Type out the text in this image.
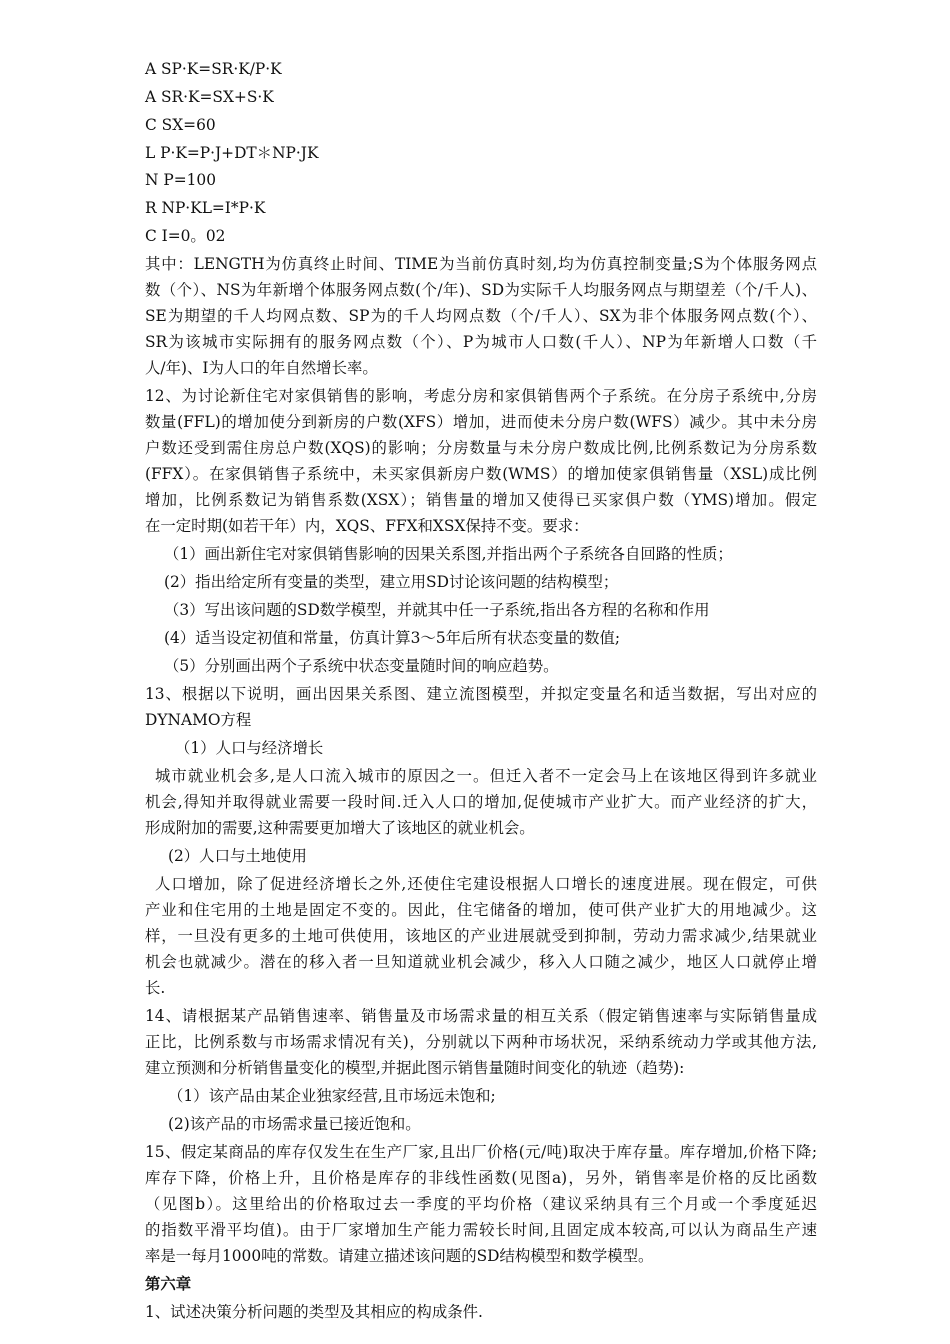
A SP·K=SR·K/P·K
A SR·K=SX+S·K
C SX=60
L P·K=P·J+DT＊NP·JK
N P=100
R NP·KL=I*P·K
C I=0。02
其中：LENGTH为仿真终止时间、TIME为当前仿真时刻,均为仿真控制变量;S为个体服务网点
数（个）、NS为年新增个体服务网点数(个/年)、SD为实际千人均服务网点与期望差（个/千人)、
SE为期望的千人均网点数、SP为的千人均网点数（个/千人）、SX为非个体服务网点数(个）、
SR为该城市实际拥有的服务网点数（个）、P为城市人口数(千人）、NP为年新增人口数（千
人/年)、I为人口的年自然增长率。
12、为讨论新住宅对家俱销售的影响，考虑分房和家俱销售两个子系统。在分房子系统中,分房
数量(FFL)的增加使分到新房的户数(XFS）增加，进而使未分房户数(WFS）减少。其中未分房
户数还受到需住房总户数(XQS)的影响；分房数量与未分房户数成比例,比例系数记为分房系数
(FFX）。在家俱销售子系统中，未买家俱新房户数(WMS）的增加使家俱销售量（XSL)成比例
增加，比例系数记为销售系数(XSX）；销售量的增加又使得已买家俱户数（YMS)增加。假定
在一定时期(如若干年）内，XQS、FFX和XSX保持不变。要求：
（1）画出新住宅对家俱销售影响的因果关系图,并指出两个子系统各自回路的性质；
(2）指出给定所有变量的类型，建立用SD讨论该问题的结构模型；
（3）写出该问题的SD数学模型，并就其中任一子系统,指出各方程的名称和作用
(4）适当设定初值和常量，仿真计算3～5年后所有状态变量的数值;
（5）分别画出两个子系统中状态变量随时间的响应趋势。
13、根据以下说明，画出因果关系图、建立流图模型，并拟定变量名和适当数据，写出对应的
DYNAMO方程
（1）人口与经济增长
城市就业机会多,是人口流入城市的原因之一。但迁入者不一定会马上在该地区得到许多就业
机会,得知并取得就业需要一段时间.迁入人口的增加,促使城市产业扩大。而产业经济的扩大，
形成附加的需要,这种需要更加增大了该地区的就业机会。
(2）人口与土地使用
人口增加，除了促进经济增长之外,还使住宅建设根据人口增长的速度进展。现在假定，可供
产业和住宅用的土地是固定不变的。因此，住宅储备的增加，使可供产业扩大的用地减少。这
样，一旦没有更多的土地可供使用，该地区的产业进展就受到抑制，劳动力需求减少,结果就业
机会也就减少。潜在的移入者一旦知道就业机会减少，移入人口随之减少，地区人口就停止增
长.
14、请根据某产品销售速率、销售量及市场需求量的相互关系（假定销售速率与实际销售量成
正比，比例系数与市场需求情况有关)，分别就以下两种市场状况，采纳系统动力学或其他方法,
建立预测和分析销售量变化的模型,并据此图示销售量随时间变化的轨迹（趋势):
（1）该产品由某企业独家经营,且市场远未饱和;
(2)该产品的市场需求量已接近饱和。
15、假定某商品的库存仅发生在生产厂家,且出厂价格(元/吨)取决于库存量。库存增加,价格下降;
库存下降，价格上升，且价格是库存的非线性函数(见图a)，另外，销售率是价格的反比函数
（见图b）。这里给出的价格取过去一季度的平均价格（建议采纳具有三个月或一个季度延迟
的指数平滑平均值)。由于厂家增加生产能力需较长时间,且固定成本较高,可以认为商品生产速
率是一每月1000吨的常数。请建立描述该问题的SD结构模型和数学模型。
第六章
1、试述决策分析问题的类型及其相应的构成条件.
